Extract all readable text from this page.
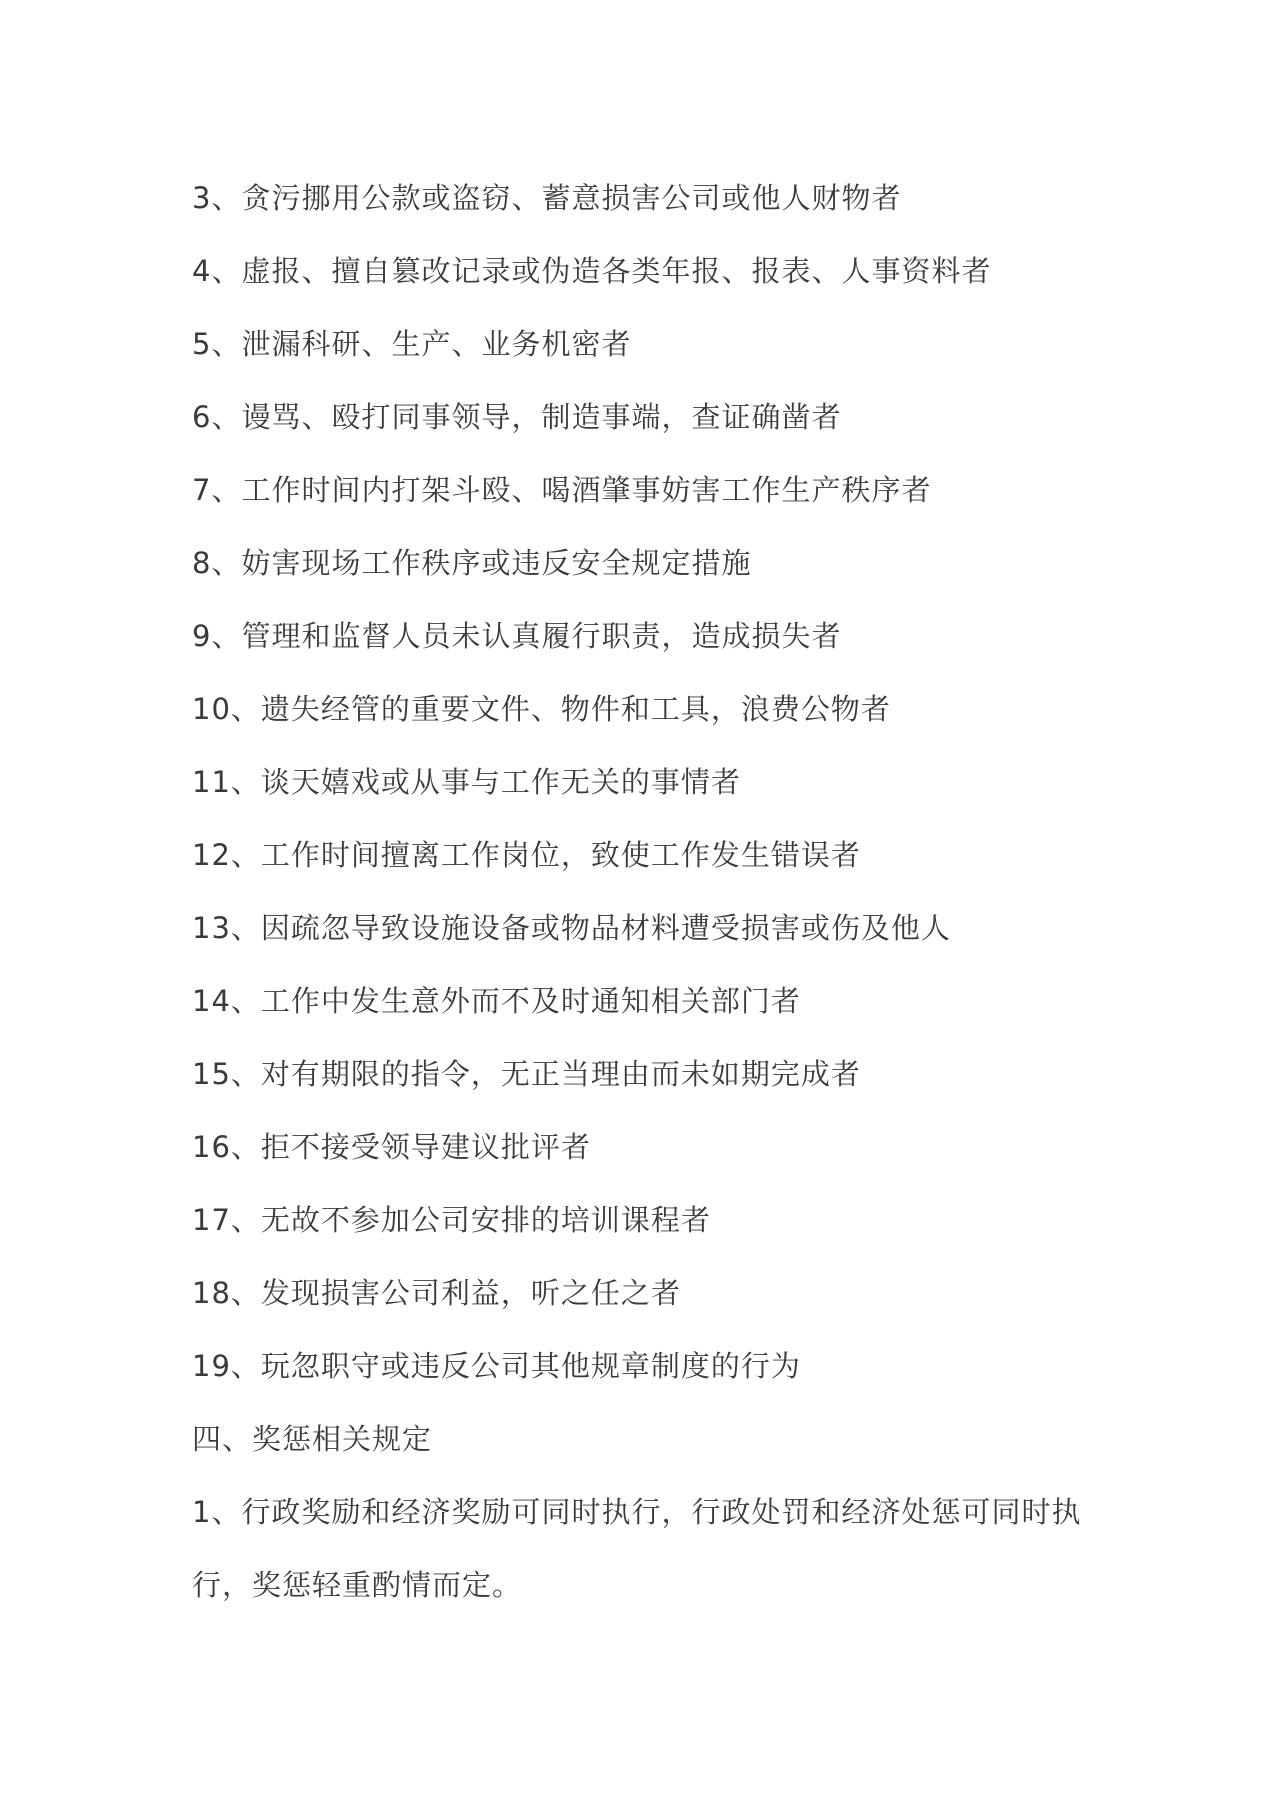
3、贪污挪用公款或盗窃、蓄意损害公司或他人财物者

4、虚报、擅自篡改记录或伪造各类年报、报表、人事资料者

5、泄漏科研、生产、业务机密者

6、谩骂、殴打同事领导，制造事端，查证确凿者

7、工作时间内打架斗殴、喝酒肇事妨害工作生产秩序者

8、妨害现场工作秩序或违反安全规定措施

9、管理和监督人员未认真履行职责，造成损失者

10、遗失经管的重要文件、物件和工具，浪费公物者

11、谈天嬉戏或从事与工作无关的事情者

12、工作时间擅离工作岗位，致使工作发生错误者

13、因疏忽导致设施设备或物品材料遭受损害或伤及他人

14、工作中发生意外而不及时通知相关部门者

15、对有期限的指令，无正当理由而未如期完成者

16、拒不接受领导建议批评者

17、无故不参加公司安排的培训课程者

18、发现损害公司利益，听之任之者

19、玩忽职守或违反公司其他规章制度的行为

四、奖惩相关规定

1、行政奖励和经济奖励可同时执行，行政处罚和经济处惩可同时执

行，奖惩轻重酌情而定。
